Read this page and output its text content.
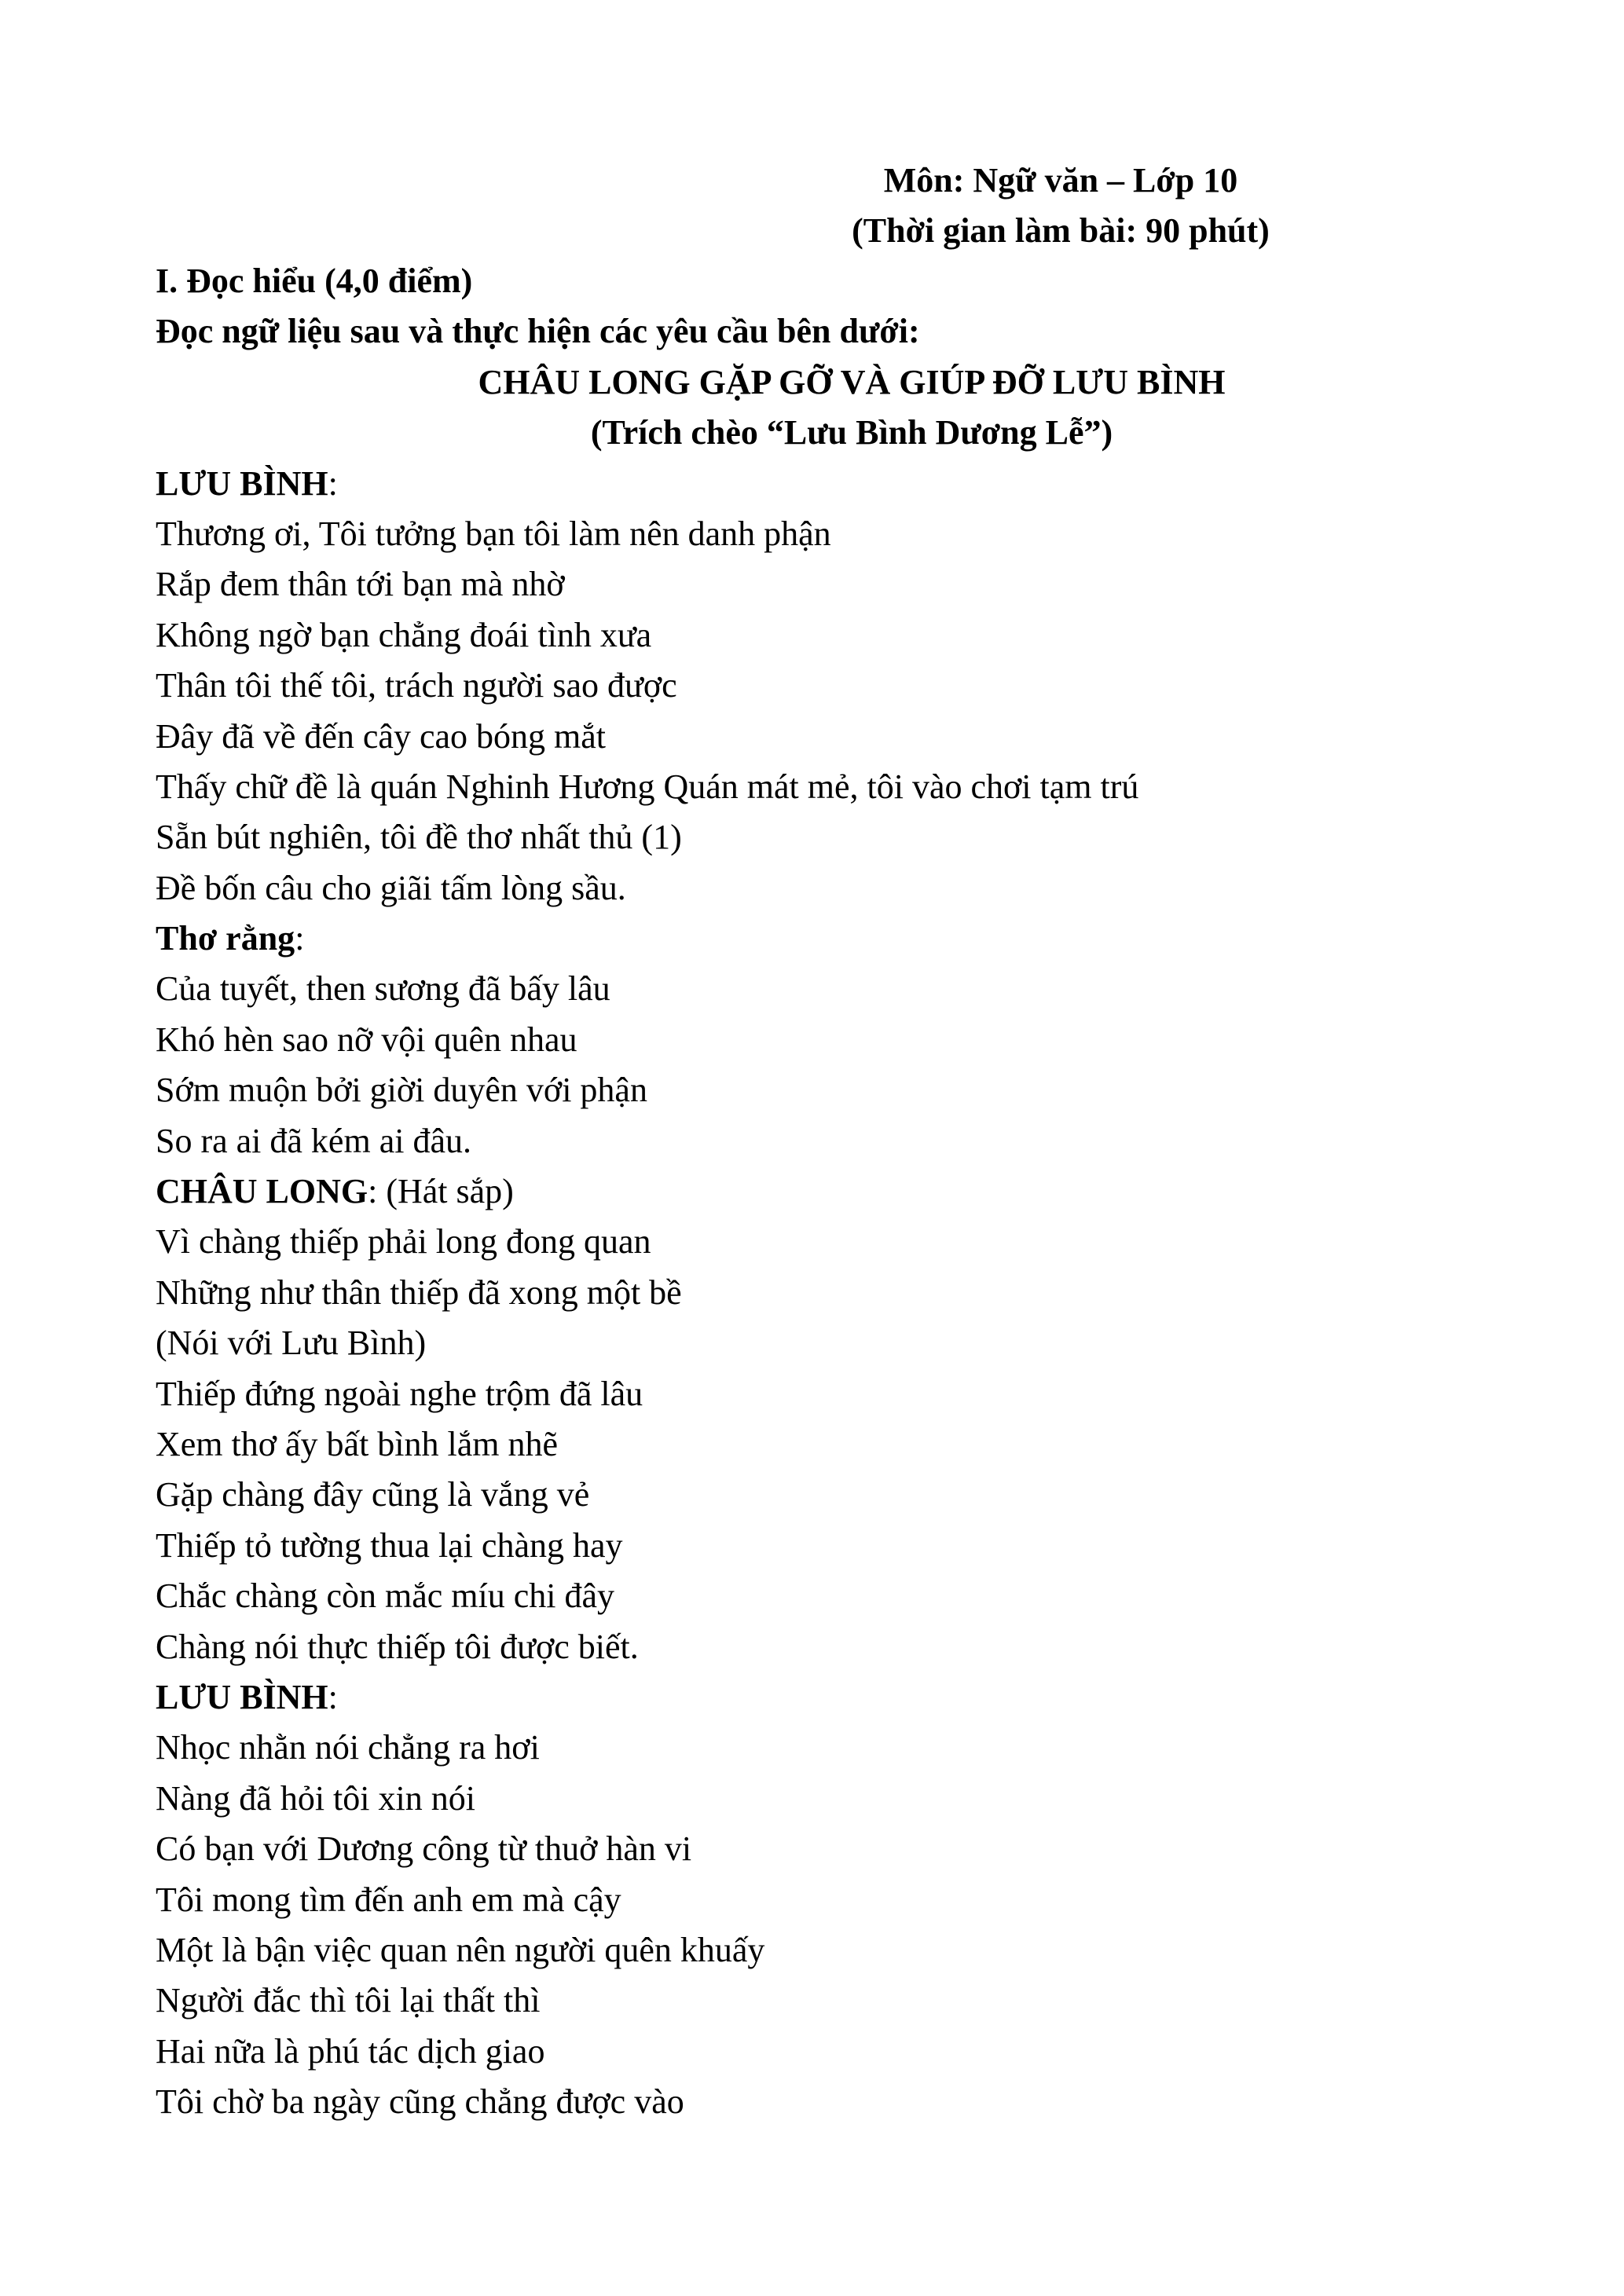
Môn: Ngữ văn – Lớp 10
(Thời gian làm bài: 90 phút)
I. Đọc hiểu (4,0 điểm)
Đọc ngữ liệu sau và thực hiện các yêu cầu bên dưới:
CHÂU LONG GẶP GỠ VÀ GIÚP ĐỠ LƯU BÌNH
(Trích chèo “Lưu Bình Dương Lễ”)
LƯU BÌNH:
Thương ơi, Tôi tưởng bạn tôi làm nên danh phận
Rắp đem thân tới bạn mà nhờ
Không ngờ bạn chẳng đoái tình xưa
Thân tôi thế tôi, trách người sao được
Đây đã về đến cây cao bóng mắt
Thấy chữ đề là quán Nghinh Hương Quán mát mẻ, tôi vào chơi tạm trú
Sẵn bút nghiên, tôi đề thơ nhất thủ (1)
Đề bốn câu cho giãi tấm lòng sầu.
Thơ rằng:
Của tuyết, then sương đã bấy lâu
Khó hèn sao nỡ vội quên nhau
Sớm muộn bởi giời duyên với phận
So ra ai đã kém ai đâu.
CHÂU LONG: (Hát sắp)
Vì chàng thiếp phải long đong quan
Những như thân thiếp đã xong một bề
(Nói với Lưu Bình)
Thiếp đứng ngoài nghe trộm đã lâu
Xem thơ ấy bất bình lắm nhẽ
Gặp chàng đây cũng là vắng vẻ
Thiếp tỏ tường thua lại chàng hay
Chắc chàng còn mắc míu chi đây
Chàng nói thực thiếp tôi được biết.
LƯU BÌNH:
Nhọc nhằn nói chẳng ra hơi
Nàng đã hỏi tôi xin nói
Có bạn với Dương công từ thuở hàn vi
Tôi mong tìm đến anh em mà cậy
Một là bận việc quan nên người quên khuấy
Người đắc thì tôi lại thất thì
Hai nữa là phú tác dịch giao
Tôi chờ ba ngày cũng chẳng được vào
